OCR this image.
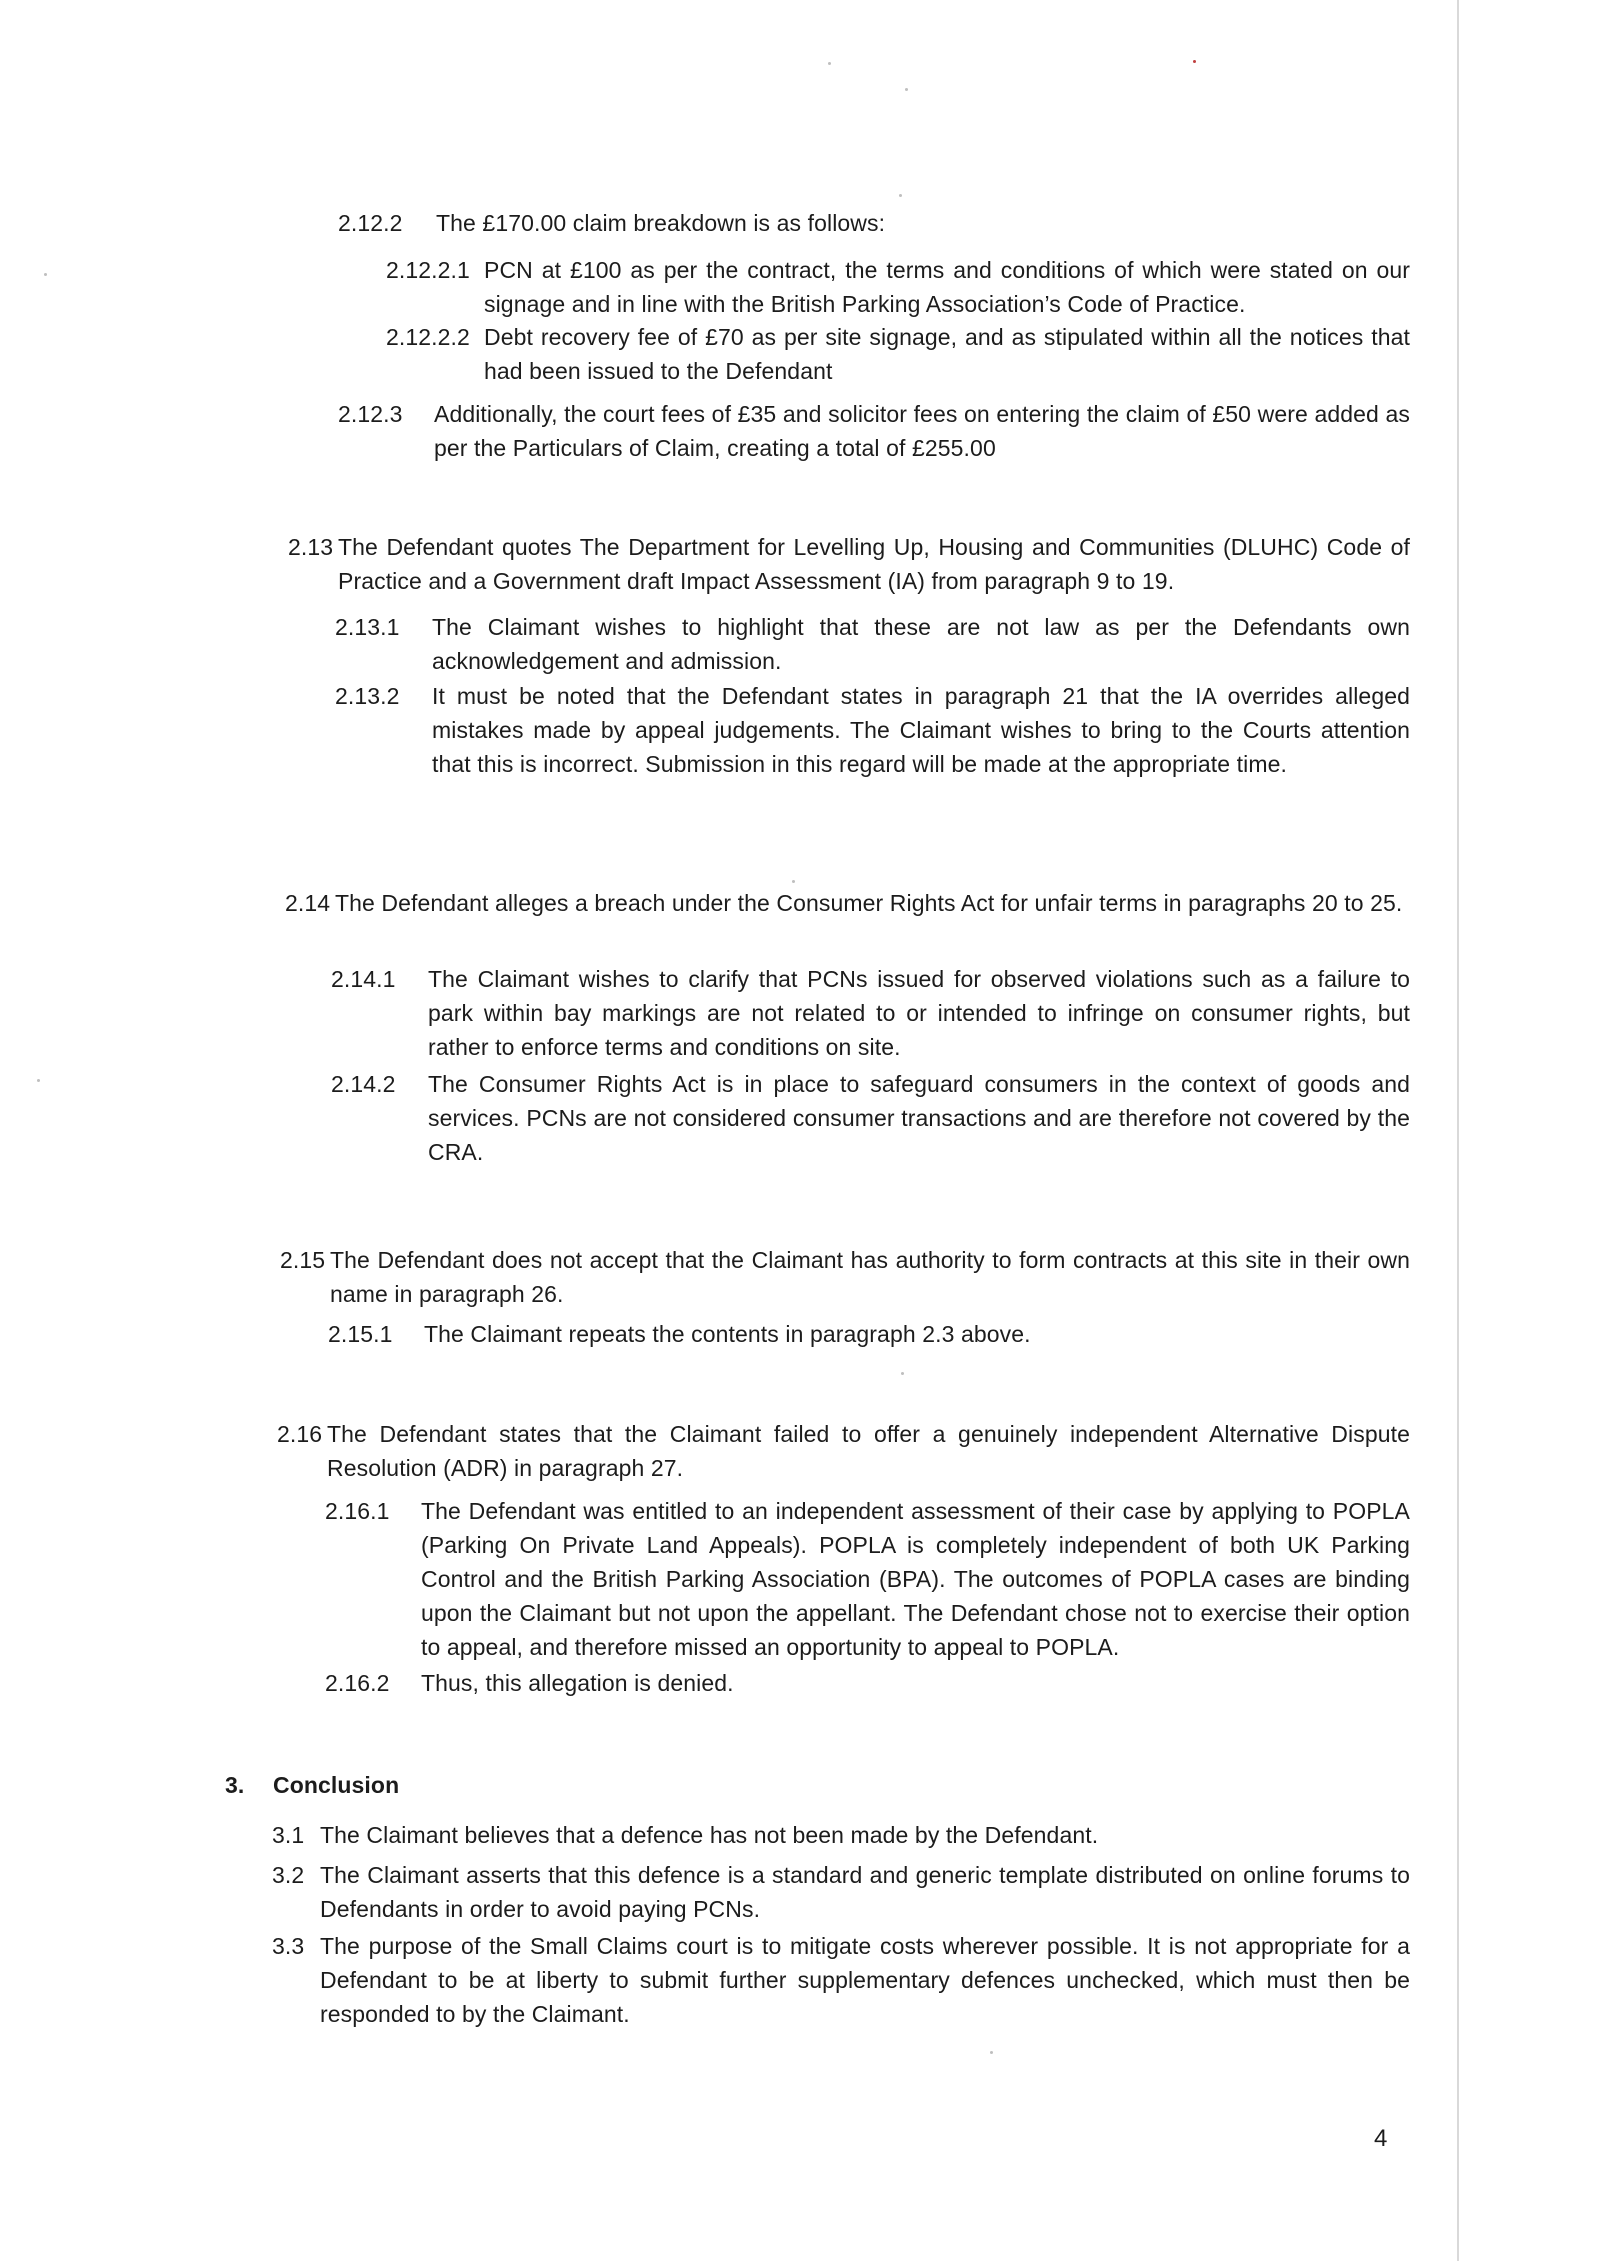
2.12.2 The £170.00 claim breakdown is as follows:
2.12.2.1 PCN at £100 as per the contract, the terms and conditions of which were stated on our signage and in line with the British Parking Association’s Code of Practice.
2.12.2.2 Debt recovery fee of £70 as per site signage, and as stipulated within all the notices that had been issued to the Defendant
2.12.3 Additionally, the court fees of £35 and solicitor fees on entering the claim of £50 were added as per the Particulars of Claim, creating a total of £255.00
2.13 The Defendant quotes The Department for Levelling Up, Housing and Communities (DLUHC) Code of Practice and a Government draft Impact Assessment (IA) from paragraph 9 to 19.
2.13.1 The Claimant wishes to highlight that these are not law as per the Defendants own acknowledgement and admission.
2.13.2 It must be noted that the Defendant states in paragraph 21 that the IA overrides alleged mistakes made by appeal judgements. The Claimant wishes to bring to the Courts attention that this is incorrect. Submission in this regard will be made at the appropriate time.
2.14 The Defendant alleges a breach under the Consumer Rights Act for unfair terms in paragraphs 20 to 25.
2.14.1 The Claimant wishes to clarify that PCNs issued for observed violations such as a failure to park within bay markings are not related to or intended to infringe on consumer rights, but rather to enforce terms and conditions on site.
2.14.2 The Consumer Rights Act is in place to safeguard consumers in the context of goods and services. PCNs are not considered consumer transactions and are therefore not covered by the CRA.
2.15 The Defendant does not accept that the Claimant has authority to form contracts at this site in their own name in paragraph 26.
2.15.1 The Claimant repeats the contents in paragraph 2.3 above.
2.16 The Defendant states that the Claimant failed to offer a genuinely independent Alternative Dispute Resolution (ADR) in paragraph 27.
2.16.1 The Defendant was entitled to an independent assessment of their case by applying to POPLA (Parking On Private Land Appeals). POPLA is completely independent of both UK Parking Control and the British Parking Association (BPA). The outcomes of POPLA cases are binding upon the Claimant but not upon the appellant. The Defendant chose not to exercise their option to appeal, and therefore missed an opportunity to appeal to POPLA.
2.16.2 Thus, this allegation is denied.
3. Conclusion
3.1 The Claimant believes that a defence has not been made by the Defendant.
3.2 The Claimant asserts that this defence is a standard and generic template distributed on online forums to Defendants in order to avoid paying PCNs.
3.3 The purpose of the Small Claims court is to mitigate costs wherever possible. It is not appropriate for a Defendant to be at liberty to submit further supplementary defences unchecked, which must then be responded to by the Claimant.
4
